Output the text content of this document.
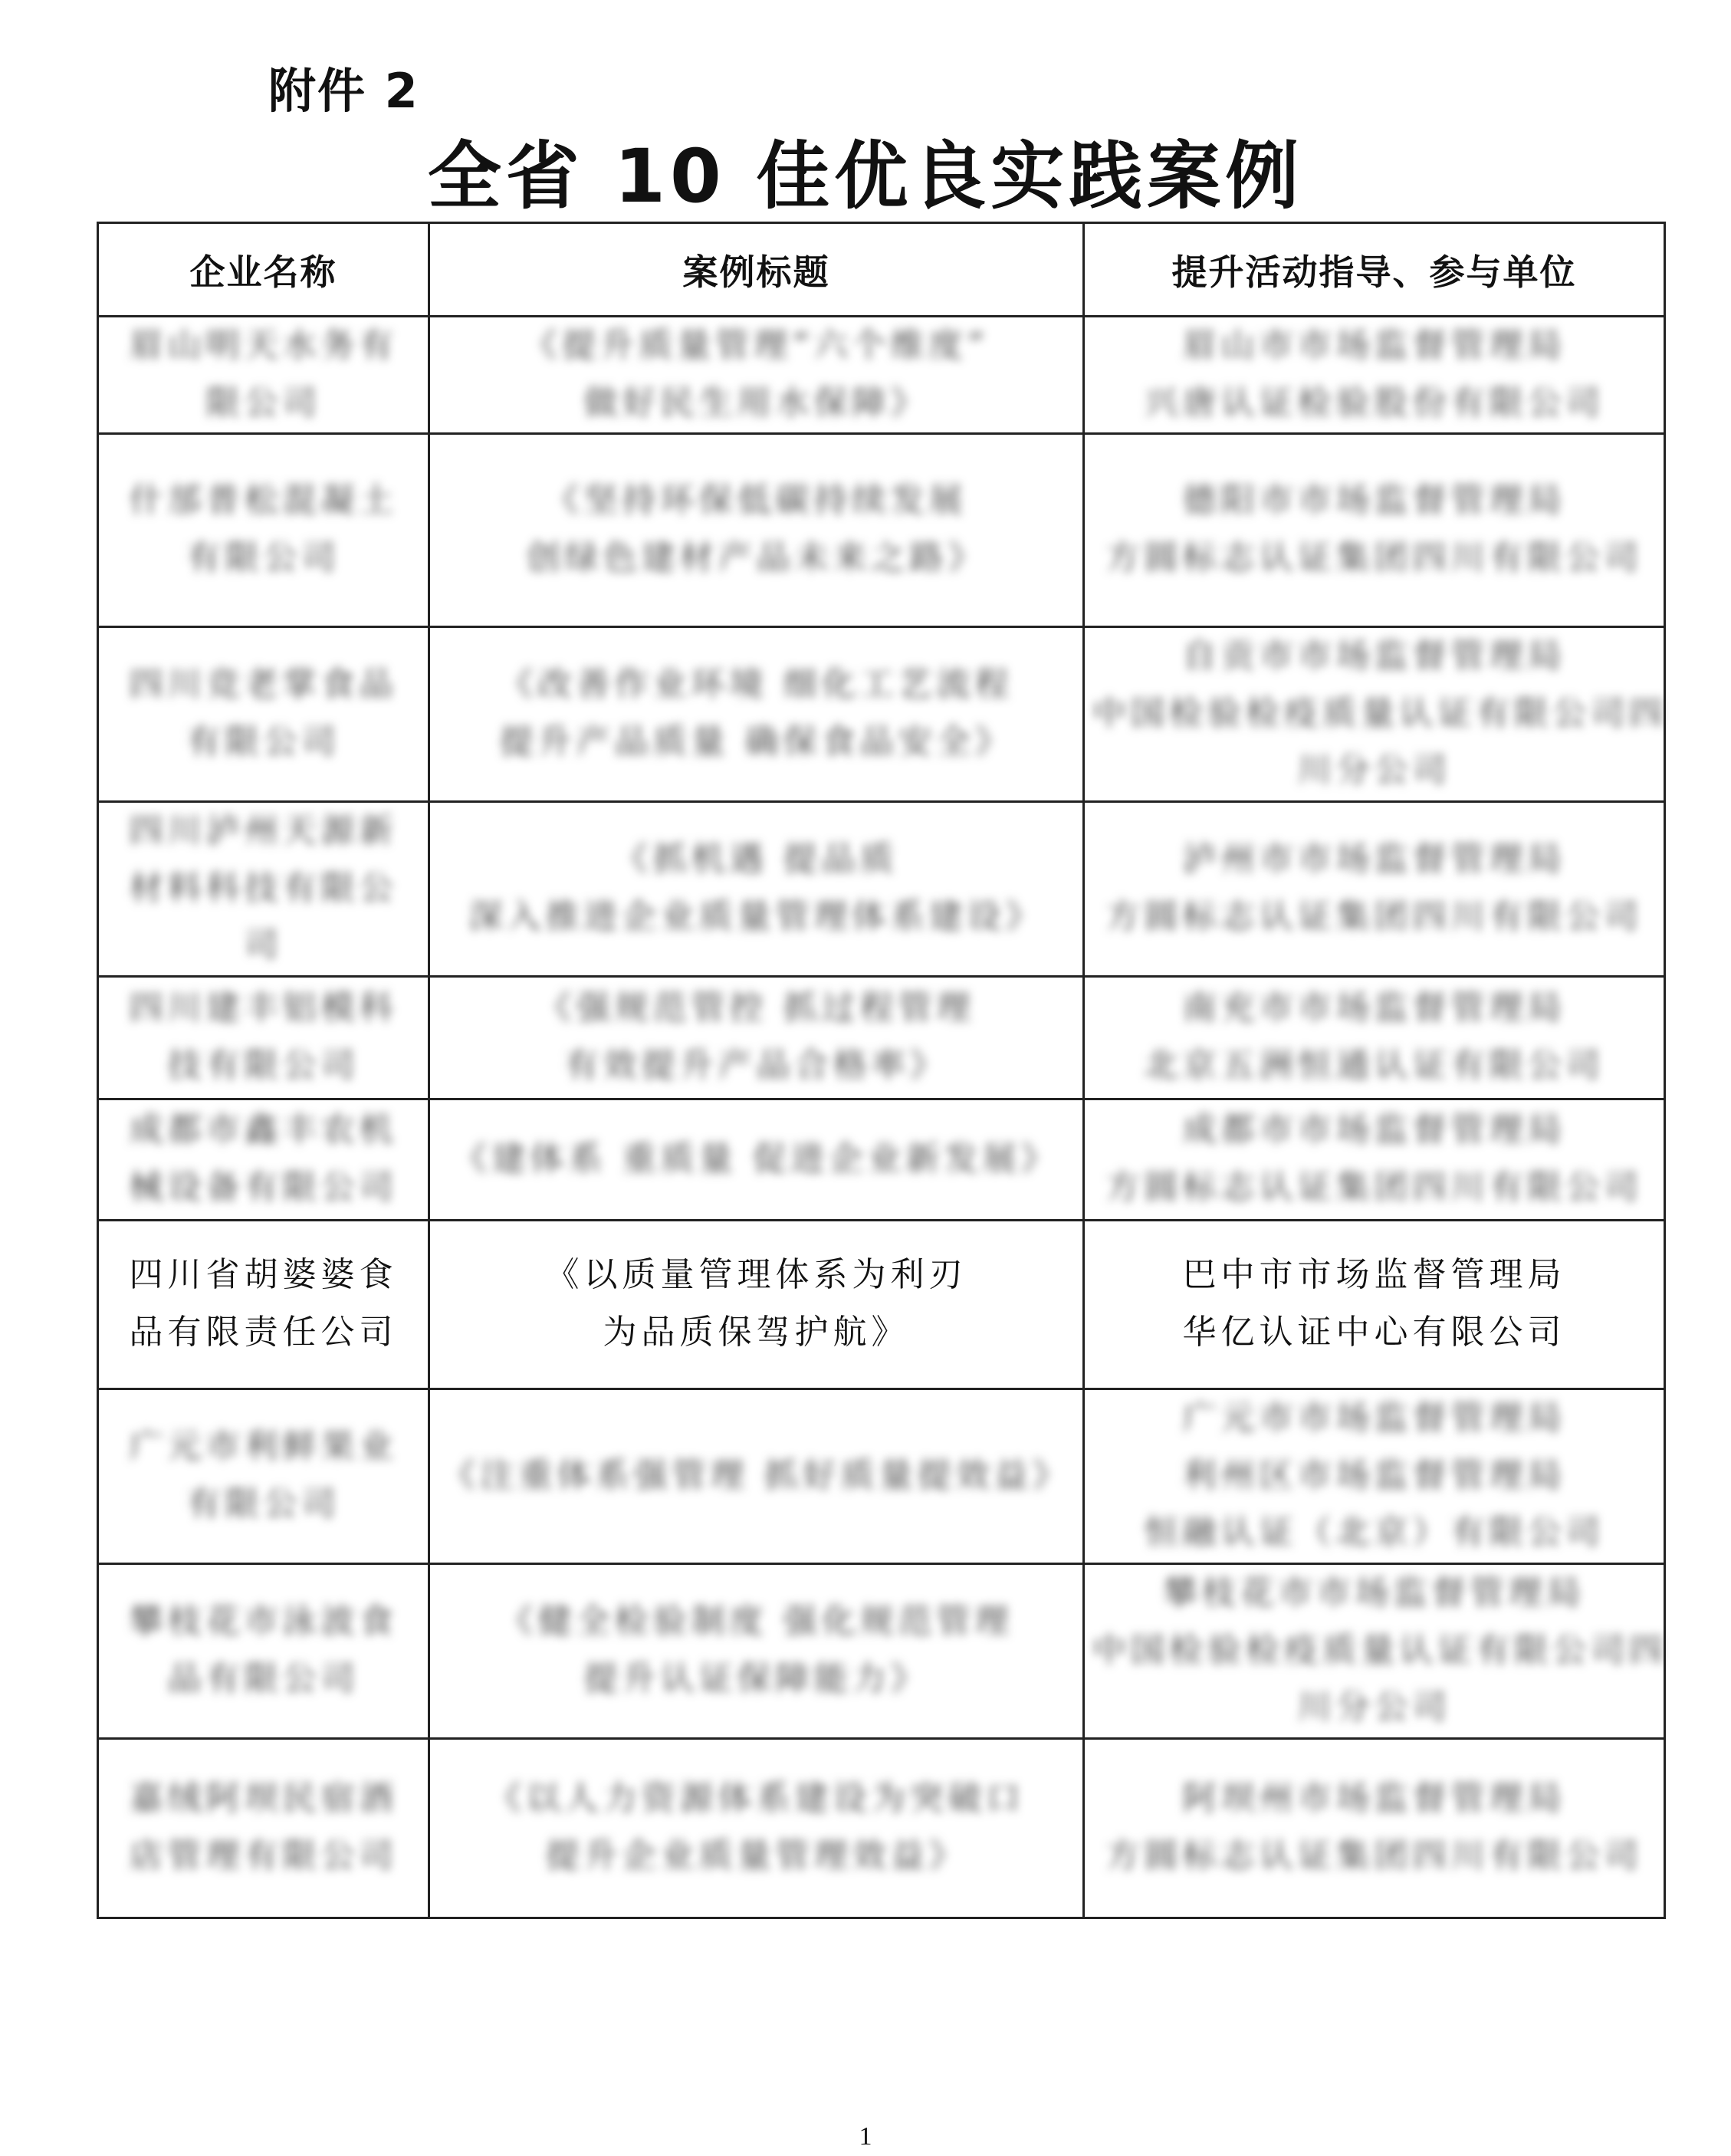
附件 2
全省 10 佳优良实践案例
企业名称	案例标题	提升活动指导、参与单位

眉山明天水务有
限公司	《提升质量管理“六个维度”
做好民生用水保障》	眉山市市场监督管理局
兴唐认证检验股份有限公司

什邡普松混凝土
有限公司	《坚持环保低碳持续发展
创绿色建材产品未来之路》	德阳市市场监督管理局
方圆标志认证集团四川有限公司

四川竞老掌食品
有限公司	《改善作业环境 细化工艺流程
提升产品质量 确保食品安全》	自贡市市场监督管理局
中国检验检疫质量认证有限公司四
川分公司

四川泸州天源新
材料科技有限公
司	《抓机遇 提品质
深入推进企业质量管理体系建设》	泸州市市场监督管理局
方圆标志认证集团四川有限公司

四川建丰铝模科
技有限公司	《强规范管控 抓过程管理
有效提升产品合格率》	南充市市场监督管理局
北京五洲恒通认证有限公司

成都市鑫丰农机
械设备有限公司	《建体系 重质量 促进企业新发展》	成都市市场监督管理局
方圆标志认证集团四川有限公司

四川省胡婆婆食
品有限责任公司	《以质量管理体系为利刃
为品质保驾护航》	巴中市市场监督管理局
华亿认证中心有限公司

广元市利鲜果业
有限公司	《注重体系强管理 抓好质量提效益》	广元市市场监督管理局
利州区市场监督管理局
恒融认证（北京）有限公司

攀枝花市泳波食
品有限公司	《健全检验制度 强化规范管理
提升认证保障能力》	攀枝花市市场监督管理局
中国检验检疫质量认证有限公司四
川分公司

嘉绒阿坝民宿酒
店管理有限公司	《以人力资源体系建设为突破口
提升企业质量管理效益》	阿坝州市场监督管理局
方圆标志认证集团四川有限公司
1
